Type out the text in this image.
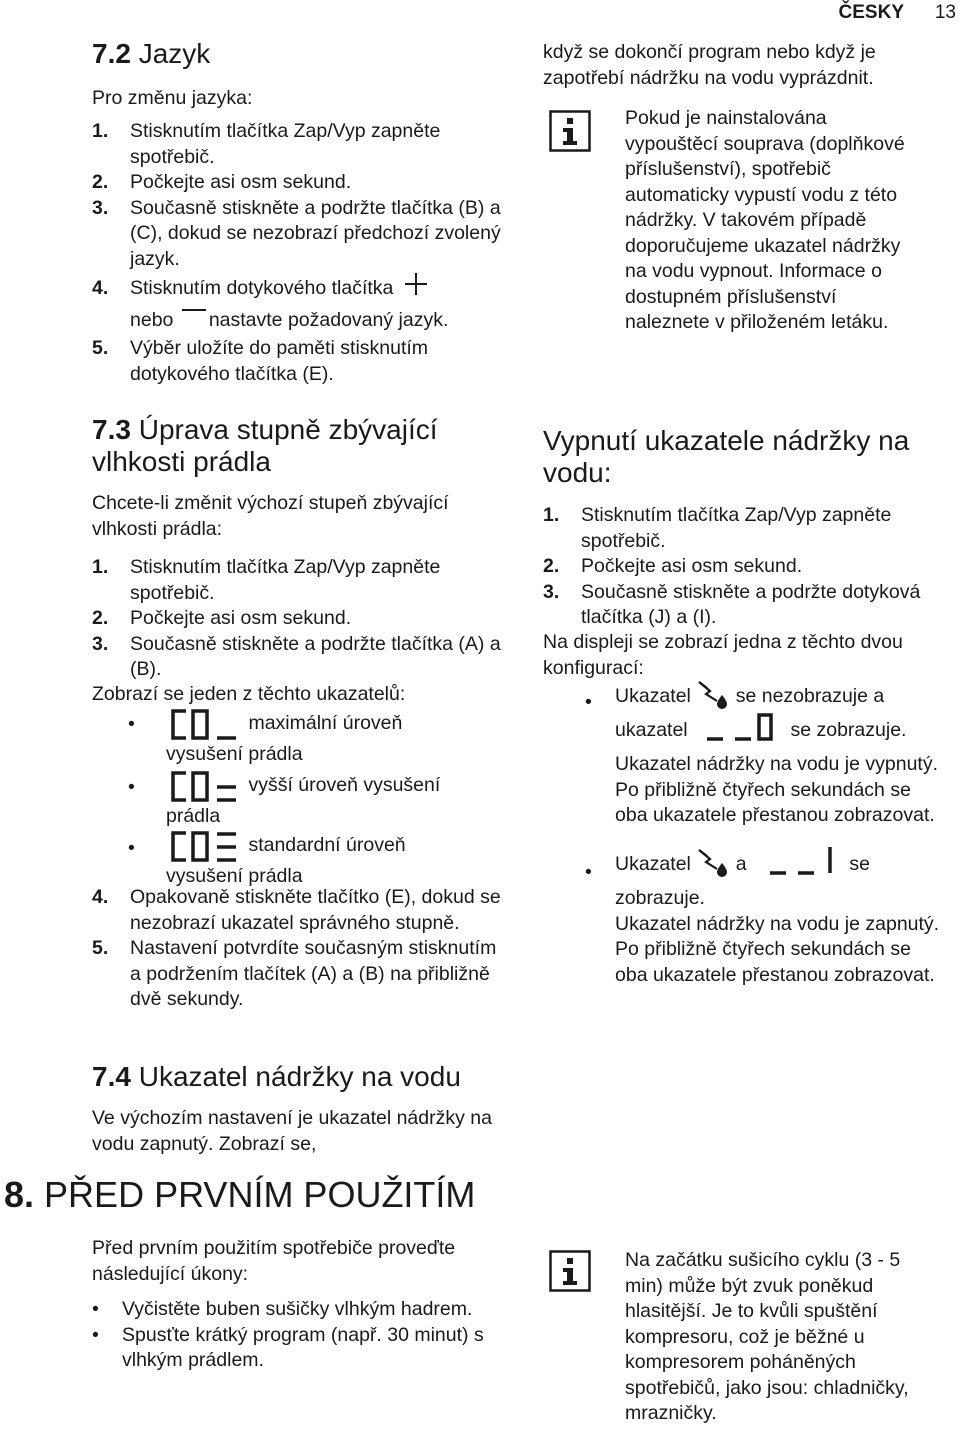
ČESKY 13
7.2 Jazyk
Pro změnu jazyka:
1. Stisknutím tlačítka Zap/Vyp zapněte spotřebič.
2. Počkejte asi osm sekund.
3. Současně stiskněte a podržte tlačítka (B) a (C), dokud se nezobrazí předchozí zvolený jazyk.
4. Stisknutím dotykového tlačítka
nebo nastavte požadovaný jazyk.
5. Výběr uložíte do paměti stisknutím dotykového tlačítka (E).
7.3 Úprava stupně zbývající
vlhkosti prádla
Chcete-li změnit výchozí stupeň zbývající vlhkosti prádla:
1. Stisknutím tlačítka Zap/Vyp zapněte spotřebič.
2. Počkejte asi osm sekund.
3. Současně stiskněte a podržte tlačítka (A) a (B).
Zobrazí se jeden z těchto ukazatelů:
•	maximální úroveň
vysušení prádla
•	vyšší úroveň vysušení
prádla
•	standardní úroveň
vysušení prádla
4. Opakovaně stiskněte tlačítko (E), dokud se nezobrazí ukazatel správného stupně.
5. Nastavení potvrdíte současným stisknutím a podržením tlačítek (A) a (B) na přibližně dvě sekundy.
7.4 Ukazatel nádržky na vodu
Ve výchozím nastavení je ukazatel nádržky na vodu zapnutý. Zobrazí se,
když se dokončí program nebo když je zapotřebí nádržku na vodu vyprázdnit.
Pokud je nainstalována vypouštěcí souprava (doplňkové příslušenství), spotřebič automaticky vypustí vodu z této nádržky. V takovém případě doporučujeme ukazatel nádržky na vodu vypnout. Informace o dostupném příslušenství naleznete v přiloženém letáku.
Vypnutí ukazatele nádržky na
vodu:
1. Stisknutím tlačítka Zap/Vyp zapněte spotřebič.
2. Počkejte asi osm sekund.
3. Současně stiskněte a podržte dotyková tlačítka (J) a (I).
Na displeji se zobrazí jedna z těchto dvou konfigurací:
• Ukazatel se nezobrazuje a
ukazatel	se zobrazuje.
Ukazatel nádržky na vodu je vypnutý. Po přibližně čtyřech sekundách se oba ukazatele přestanou zobrazovat.
• Ukazatel a	se
zobrazuje.
Ukazatel nádržky na vodu je zapnutý. Po přibližně čtyřech sekundách se oba ukazatele přestanou zobrazovat.
8. PŘED PRVNÍM POUŽITÍM
Před prvním použitím spotřebiče proveďte následující úkony:
• Vyčistěte buben sušičky vlhkým hadrem.
• Spusťte krátký program (např. 30 minut) s vlhkým prádlem.
Na začátku sušicího cyklu (3 - 5 min) může být zvuk poněkud hlasitější. Je to kvůli spuštění kompresoru, což je běžné u kompresorem poháněných spotřebičů, jako jsou: chladničky, mrazničky.
